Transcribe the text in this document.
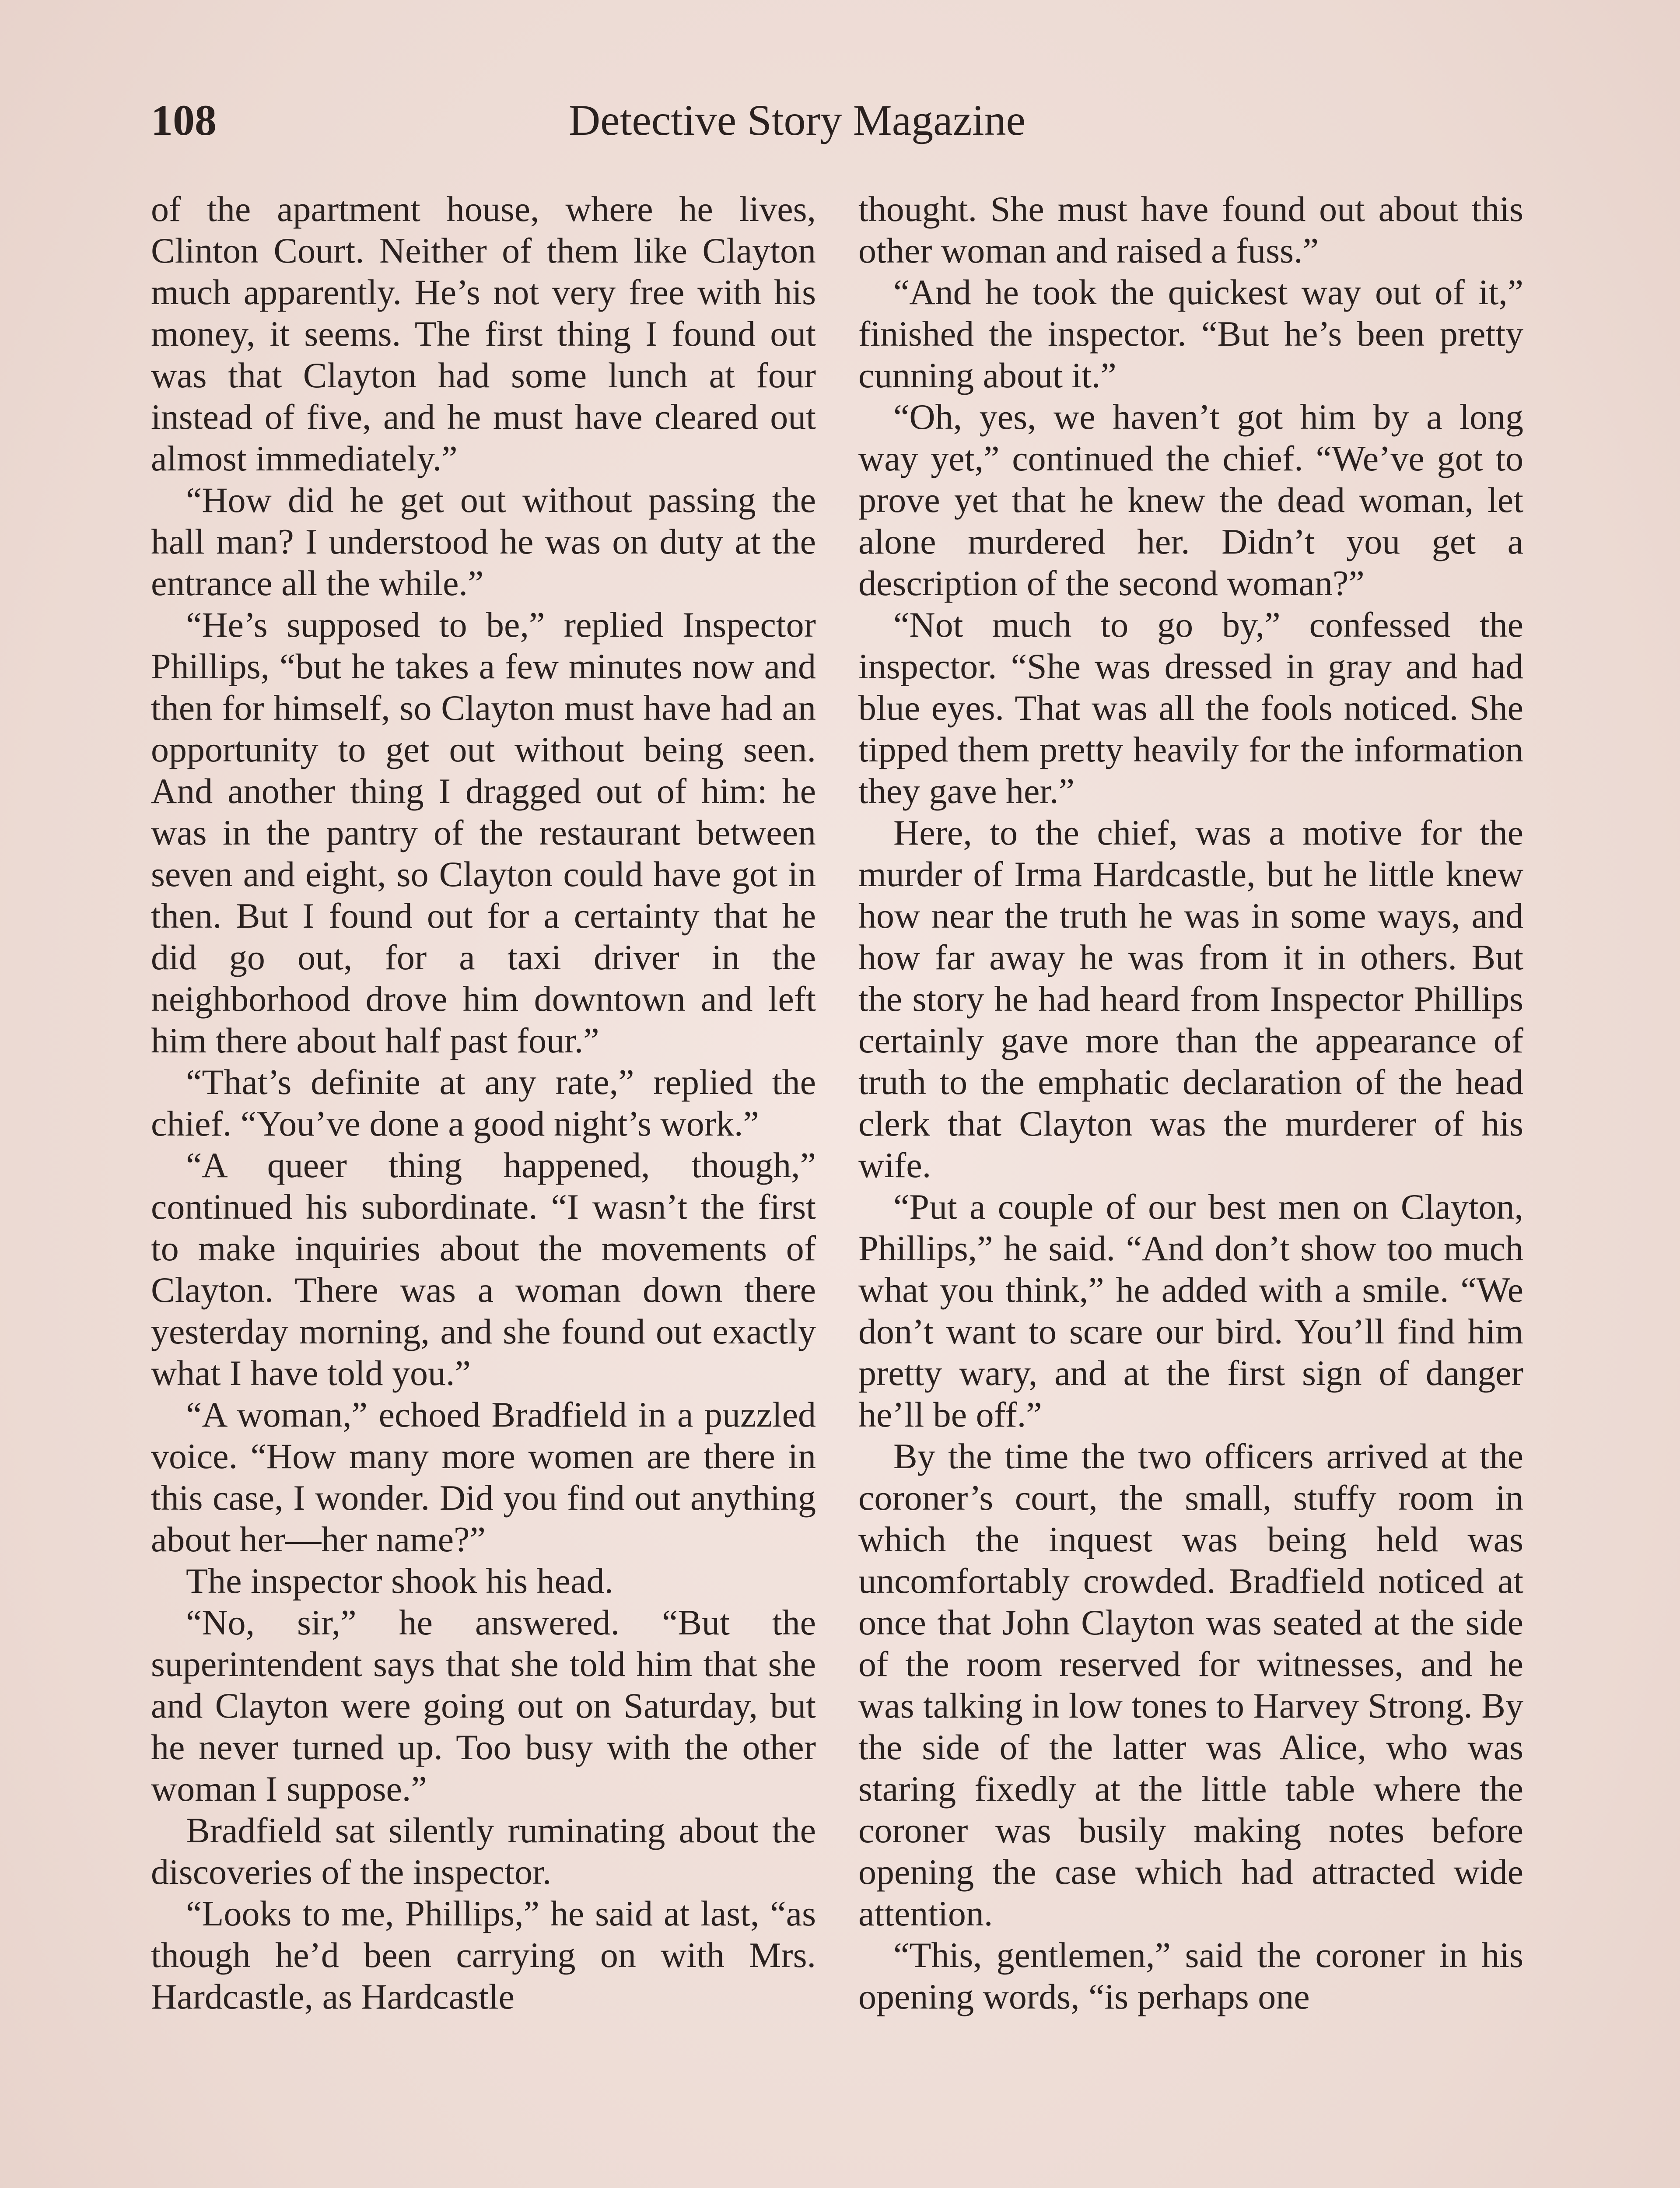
108	Detective Story Magazine

of the apartment house, where he lives, Clinton Court. Neither of them like Clayton much apparently. He’s not very free with his money, it seems. The first thing I found out was that Clayton had some lunch at four instead of five, and he must have cleared out almost immediately.”

“How did he get out without passing the hall man? I understood he was on duty at the entrance all the while.”

“He’s supposed to be,” replied Inspector Phillips, “but he takes a few minutes now and then for himself, so Clayton must have had an opportunity to get out without being seen. And another thing I dragged out of him: he was in the pantry of the restaurant between seven and eight, so Clayton could have got in then. But I found out for a certainty that he did go out, for a taxi driver in the neighborhood drove him downtown and left him there about half past four.”

“That’s definite at any rate,” replied the chief. “You’ve done a good night’s work.”

“A queer thing happened, though,” continued his subordinate. “I wasn’t the first to make inquiries about the movements of Clayton. There was a woman down there yesterday morning, and she found out exactly what I have told you.”

“A woman,” echoed Bradfield in a puzzled voice. “How many more women are there in this case, I wonder. Did you find out anything about her—her name?”

The inspector shook his head.

“No, sir,” he answered. “But the superintendent says that she told him that she and Clayton were going out on Saturday, but he never turned up. Too busy with the other woman I suppose.”

Bradfield sat silently ruminating about the discoveries of the inspector.

“Looks to me, Phillips,” he said at last, “as though he’d been carrying on with Mrs. Hardcastle, as Hardcastle

thought. She must have found out about this other woman and raised a fuss.”

“And he took the quickest way out of it,” finished the inspector. “But he’s been pretty cunning about it.”

“Oh, yes, we haven’t got him by a long way yet,” continued the chief. “We’ve got to prove yet that he knew the dead woman, let alone murdered her. Didn’t you get a description of the second woman?”

“Not much to go by,” confessed the inspector. “She was dressed in gray and had blue eyes. That was all the fools noticed. She tipped them pretty heavily for the information they gave her.”

Here, to the chief, was a motive for the murder of Irma Hardcastle, but he little knew how near the truth he was in some ways, and how far away he was from it in others. But the story he had heard from Inspector Phillips certainly gave more than the appearance of truth to the emphatic declaration of the head clerk that Clayton was the murderer of his wife.

“Put a couple of our best men on Clayton, Phillips,” he said. “And don’t show too much what you think,” he added with a smile. “We don’t want to scare our bird. You’ll find him pretty wary, and at the first sign of danger he’ll be off.”

By the time the two officers arrived at the coroner’s court, the small, stuffy room in which the inquest was being held was uncomfortably crowded. Bradfield noticed at once that John Clayton was seated at the side of the room reserved for witnesses, and he was talking in low tones to Harvey Strong. By the side of the latter was Alice, who was staring fixedly at the little table where the coroner was busily making notes before opening the case which had attracted wide attention.

“This, gentlemen,” said the coroner in his opening words, “is perhaps one
